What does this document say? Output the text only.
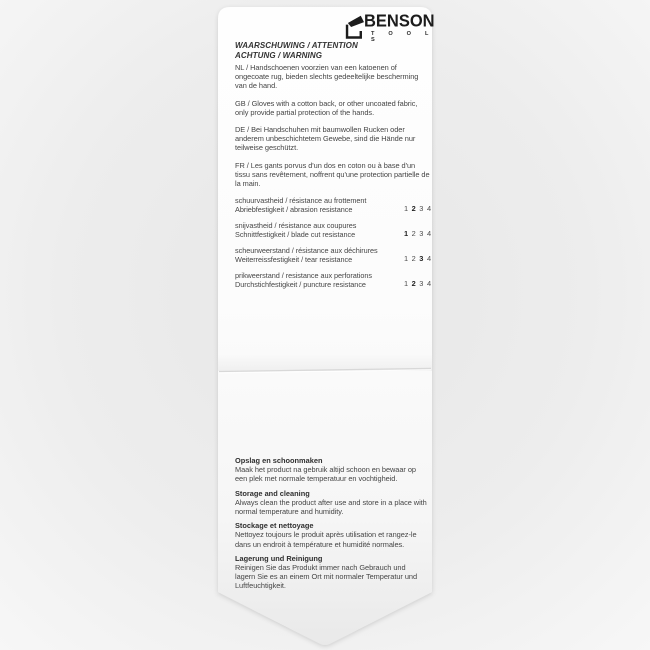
BENSON
T O O L S
WAARSCHUWING / ATTENTION
ACHTUNG / WARNING
NL / Handschoenen voorzien van een katoenen of ongecoate rug, bieden slechts gedeeltelijke bescherming van de hand.
GB / Gloves with a cotton back, or other uncoated fabric, only provide partial protection of the hands.
DE / Bei Handschuhen mit baumwollen Rucken oder anderem unbeschichtetem Gewebe, sind die Hände nur teilweise geschützt.
FR / Les gants porvus d'un dos en coton ou à base d'un tissu sans revêtement, noffrent qu'une protection partielle de la main.
schuurvastheid / résistance au frottement
Abriebfestigkeit / abrasion resistance	1 2 3 4
snijvastheid / résistance aux coupures
Schnittfestigkeit / blade cut resistance	1 2 3 4
scheurweerstand / résistance aux déchirures
Weiterreissfestigkeit / tear resistance	1 2 3 4
prikweerstand / resistance aux perforations
Durchstichfestigkeit / puncture resistance	1 2 3 4
Opslag en schoonmaken
Maak het product na gebruik altijd schoon en bewaar op een plek met normale temperatuur en vochtigheid.
Storage and cleaning
Always clean the product after use and store in a place with normal temperature and humidity.
Stockage et nettoyage
Nettoyez toujours le produit après utilisation et rangez-le dans un endroit à température et humidité normales.
Lagerung und Reinigung
Reinigen Sie das Produkt immer nach Gebrauch und lagern Sie es an einem Ort mit normaler Temperatur und Luftfeuchtigkeit.
